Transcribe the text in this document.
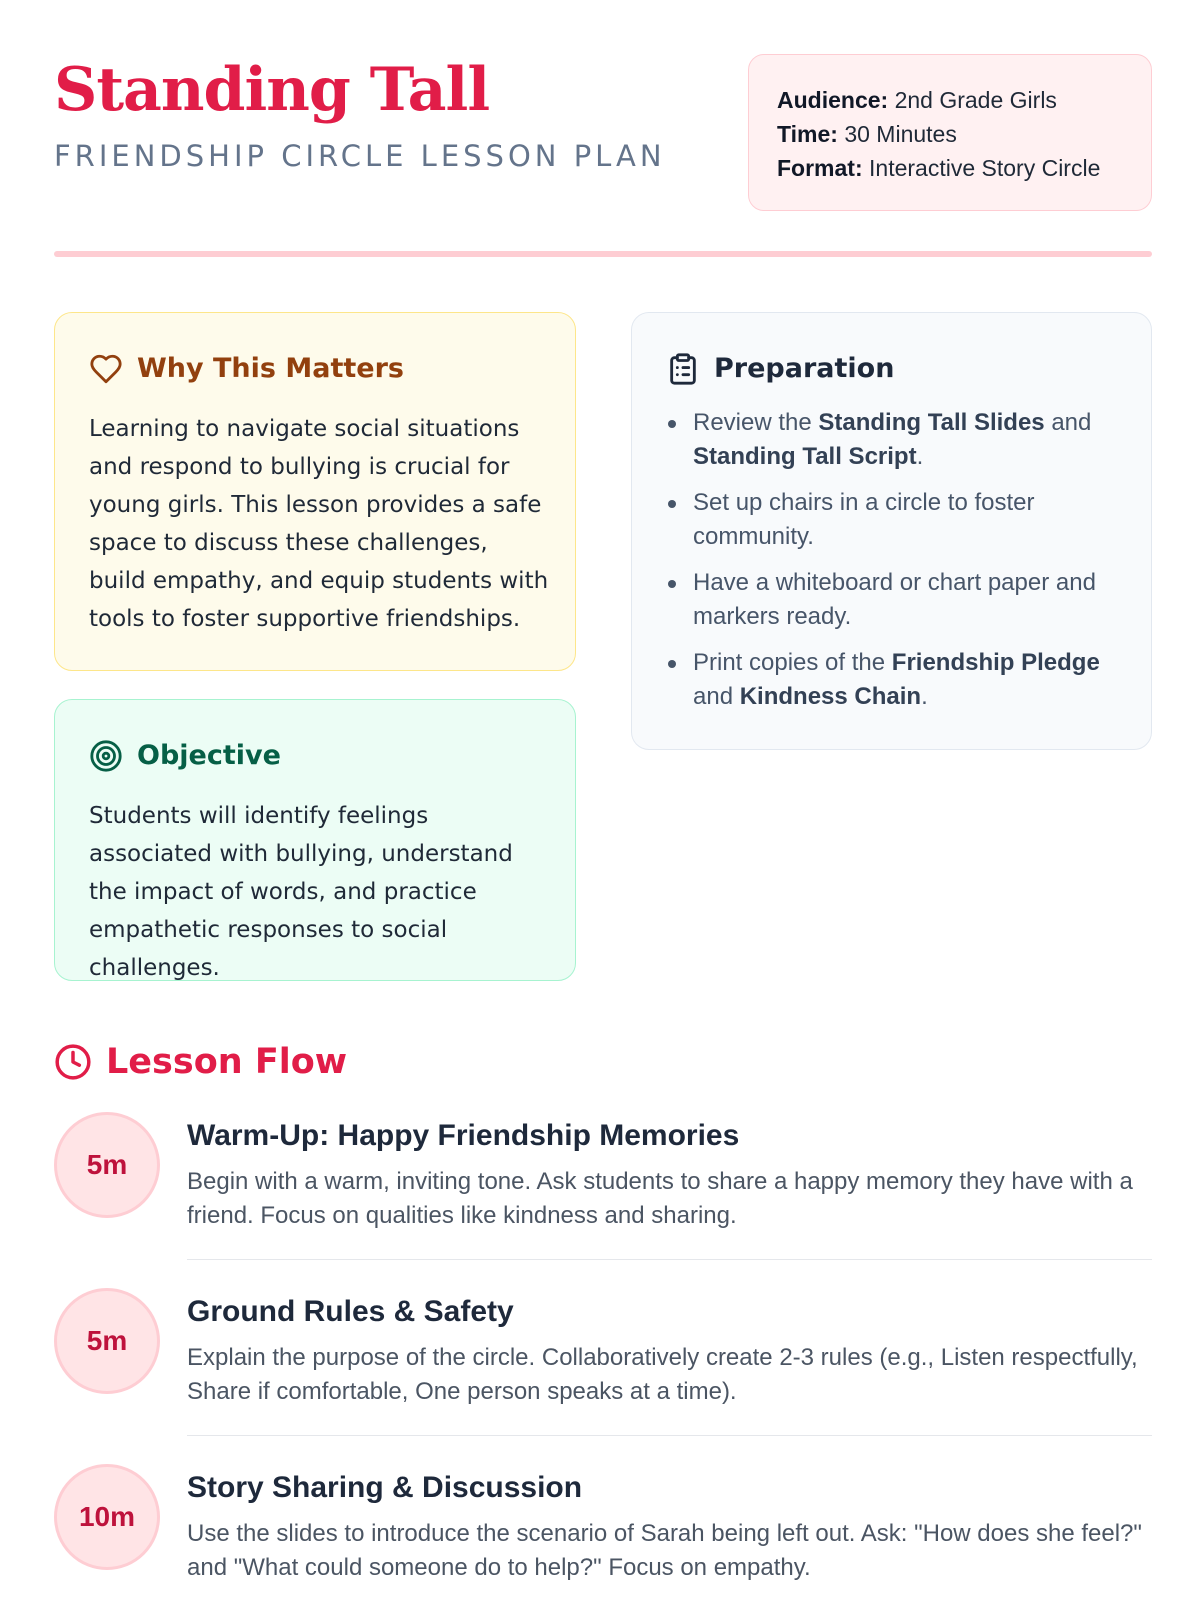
Standing Tall
FRIENDSHIP CIRCLE LESSON PLAN
Audience: 2nd Grade Girls
Time: 30 Minutes
Format: Interactive Story Circle
Why This Matters

Learning to navigate social situations and respond to bullying is crucial for young girls. This lesson provides a safe space to discuss these challenges, build empathy, and equip students with tools to foster supportive friendships.

Objective

Students will identify feelings associated with bullying, understand the impact of words, and practice empathetic responses to social challenges.

Preparation
Review the Standing Tall Slides and Standing Tall Script.
Set up chairs in a circle to foster community.
Have a whiteboard or chart paper and markers ready.
Print copies of the Friendship Pledge and Kindness Chain.
Lesson Flow
5m
Warm-Up: Happy Friendship Memories
Begin with a warm, inviting tone. Ask students to share a happy memory they have with a friend. Focus on qualities like kindness and sharing.
5m
Ground Rules & Safety
Explain the purpose of the circle. Collaboratively create 2-3 rules (e.g., Listen respectfully, Share if comfortable, One person speaks at a time).
10m
Story Sharing & Discussion
Use the slides to introduce the scenario of Sarah being left out. Ask: "How does she feel?" and "What could someone do to help?" Focus on empathy.
